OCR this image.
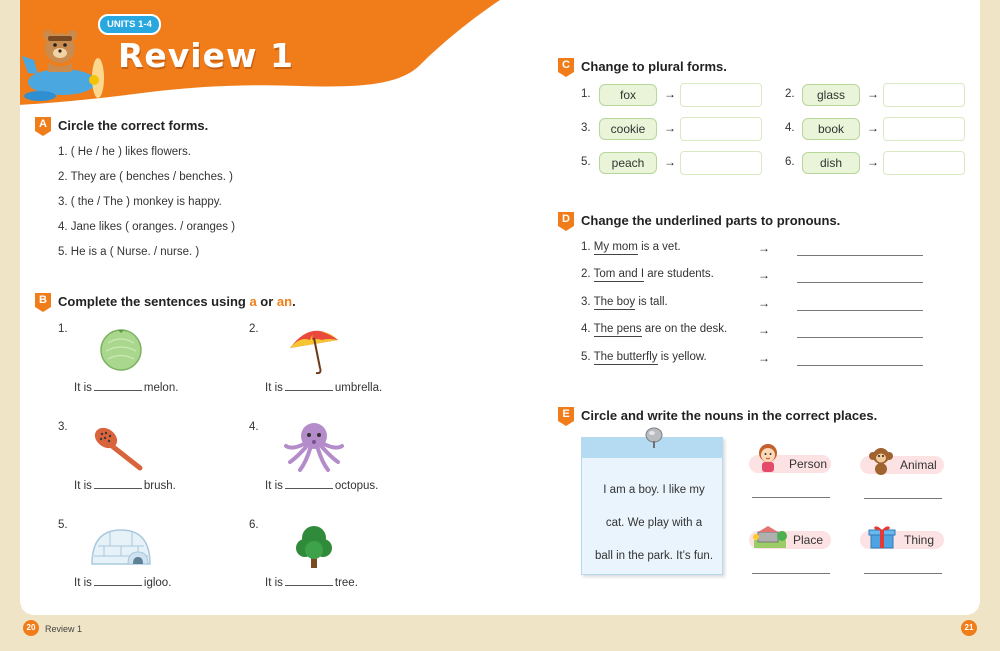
UNITS 1-4
Review 1
A Circle the correct forms.
1. ( He / he ) likes flowers.
2. They are ( benches / benches. )
3. ( the / The ) monkey is happy.
4. Jane likes ( oranges. / oranges )
5. He is a ( Nurse. / nurse. )
B Complete the sentences using a or an.
1.
It is	melon.
2.
It is	umbrella.
3.
It is	brush.
4.
It is	octopus.
5.
It is	igloo.
6.
It is	tree.
C Change to plural forms.
1.	fox	→	2.	glass	→
3.	cookie	→	4.	book	→
5.	peach	→	6.	dish	→
D Change the underlined parts to pronouns.
1. My mom is a vet.	→
2. Tom and I are students.	→
3. The boy is tall.	→
4. The pens are on the desk.	→
5. The butterfly is yellow.	→
E Circle and write the nouns in the correct places.
I am a boy. I like my
cat. We play with a
ball in the park. It’s fun.
Person	Animal
Place	Thing
20	Review 1	21
